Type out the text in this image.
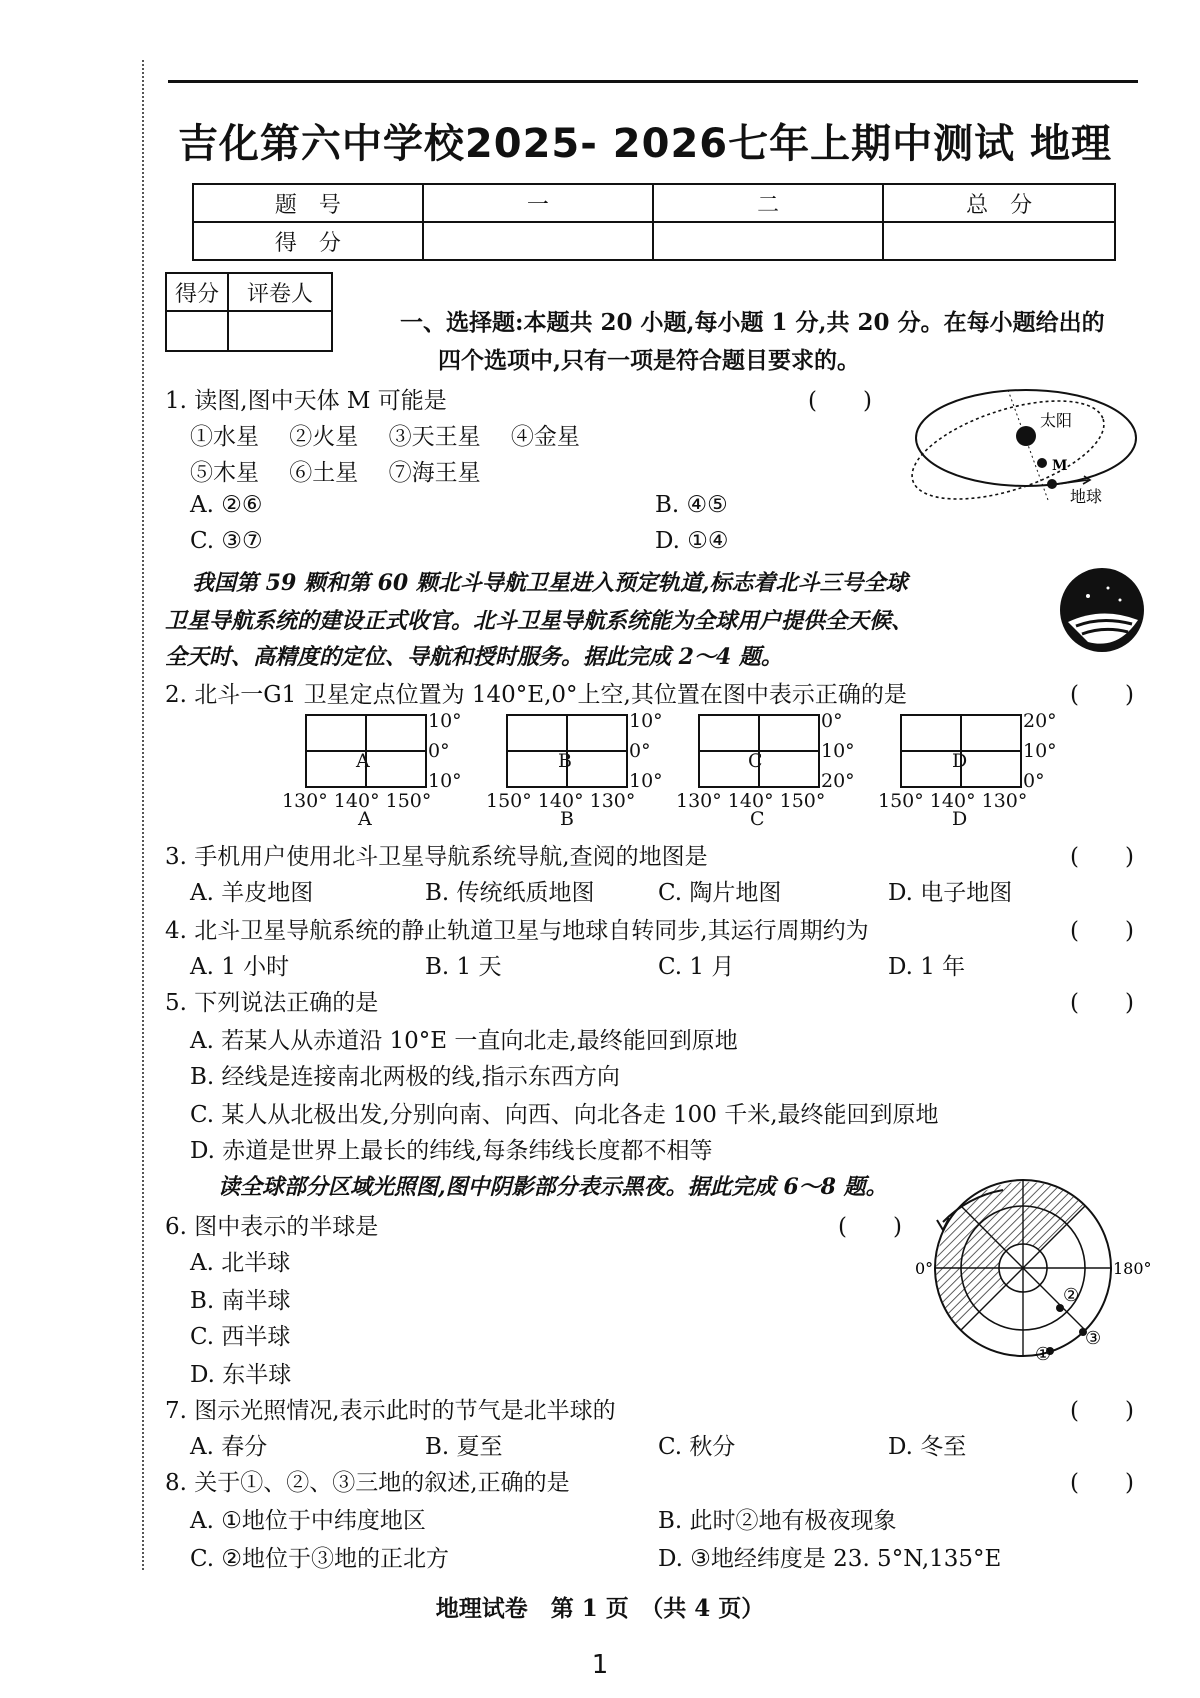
吉化第六中学校2025- 2026七年上期中测试 地理
题　号	一	二	总　分
得　分			
得分	评卷人

一、选择题:本题共 20 小题,每小题 1 分,共 20 分。在每小题给出的
四个选项中,只有一项是符合题目要求的。
1. 读图,图中天体 M 可能是	(　　)
①水星　 ②火星　 ③天王星　 ④金星
⑤木星　 ⑥土星　 ⑦海王星
A. ②⑥	B. ④⑤
C. ③⑦	D. ①④
太阳
M
地球
我国第 59 颗和第 60 颗北斗导航卫星进入预定轨道,标志着北斗三号全球
卫星导航系统的建设正式收官。北斗卫星导航系统能为全球用户提供全天候、
全天时、高精度的定位、导航和授时服务。据此完成 2～4 题。
2. 北斗一G1 卫星定点位置为 140°E,0°上空,其位置在图中表示正确的是	(　　)
A
10°
0°
10°
130° 140° 150°
A
B
10°
0°
10°
150° 140° 130°
B
C
0°
10°
20°
130° 140° 150°
C
D
20°
10°
0°
150° 140° 130°
D
3. 手机用户使用北斗卫星导航系统导航,查阅的地图是	(　　)
A. 羊皮地图	B. 传统纸质地图	C. 陶片地图	D. 电子地图
4. 北斗卫星导航系统的静止轨道卫星与地球自转同步,其运行周期约为	(　　)
A. 1 小时	B. 1 天	C. 1 月	D. 1 年
5. 下列说法正确的是	(　　)
A. 若某人从赤道沿 10°E 一直向北走,最终能回到原地
B. 经线是连接南北两极的线,指示东西方向
C. 某人从北极出发,分别向南、向西、向北各走 100 千米,最终能回到原地
D. 赤道是世界上最长的纬线,每条纬线长度都不相等
读全球部分区域光照图,图中阴影部分表示黑夜。据此完成 6～8 题。
6. 图中表示的半球是	(　　)
A. 北半球
B. 南半球
C. 西半球
D. 东半球
0°	180°
②
③
①
7. 图示光照情况,表示此时的节气是北半球的	(　　)
A. 春分	B. 夏至	C. 秋分	D. 冬至
8. 关于①、②、③三地的叙述,正确的是	(　　)
A. ①地位于中纬度地区	B. 此时②地有极夜现象
C. ②地位于③地的正北方	D. ③地经纬度是 23. 5°N,135°E
地理试卷　第 1 页　（共 4 页）
1
